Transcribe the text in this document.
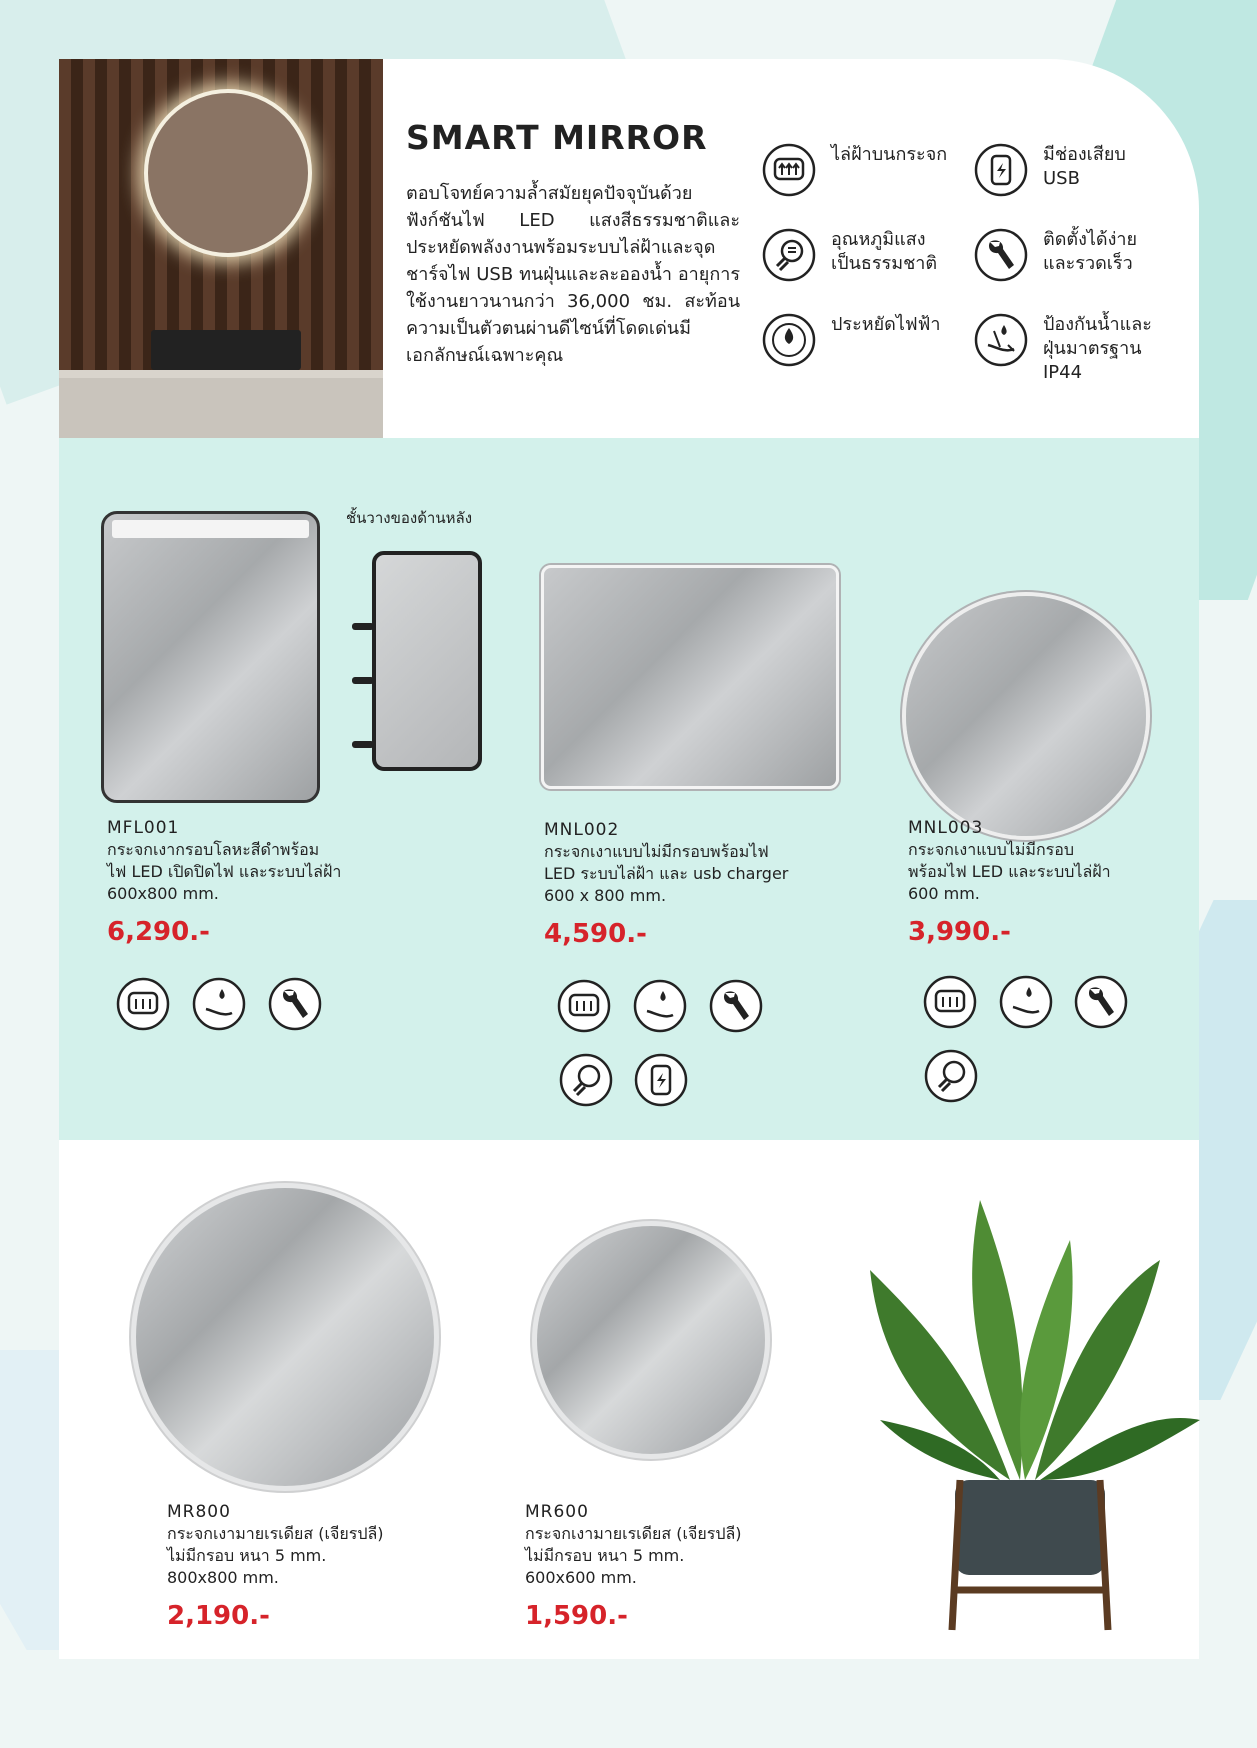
SMART MIRROR

ตอบโจทย์ความล้ำสมัยยุคปัจจุบันด้วยฟังก์ชันไฟ LED แสงสีธรรมชาติและประหยัดพลังงานพร้อมระบบไล่ฝ้าและจุดชาร์จไฟ USB ทนฝุ่นและละอองน้ำ อายุการใช้งานยาวนานกว่า 36,000 ชม. สะท้อนความเป็นตัวตนผ่านดีไซน์ที่โดดเด่นมีเอกลักษณ์เฉพาะคุณ

ไล่ฝ้าบนกระจก	มีช่องเสียบ
USB
อุณหภูมิแสง
เป็นธรรมชาติ
ติดตั้งได้ง่าย
และรวดเร็ว
ประหยัดไฟฟ้า	ป้องกันน้ำและ
ฝุ่นมาตรฐาน
IP44
ชั้นวางของด้านหลัง
MFL001
กระจกเงากรอบโลหะสีดำพร้อม
ไฟ LED เปิดปิดไฟ และระบบไล่ฝ้า
600x800 mm.
6,290.-
MNL002
กระจกเงาแบบไม่มีกรอบพร้อมไฟ
LED ระบบไล่ฝ้า และ usb charger
600 x 800 mm.
4,590.-
MNL003
กระจกเงาแบบไม่มีกรอบ
พร้อมไฟ LED และระบบไล่ฝ้า
600 mm.
3,990.-
MR800
กระจกเงามายเรเดียส (เจียรปลี)
ไม่มีกรอบ หนา 5 mm.
800x800 mm.
2,190.-
MR600
กระจกเงามายเรเดียส (เจียรปลี)
ไม่มีกรอบ หนา 5 mm.
600x600 mm.
1,590.-
